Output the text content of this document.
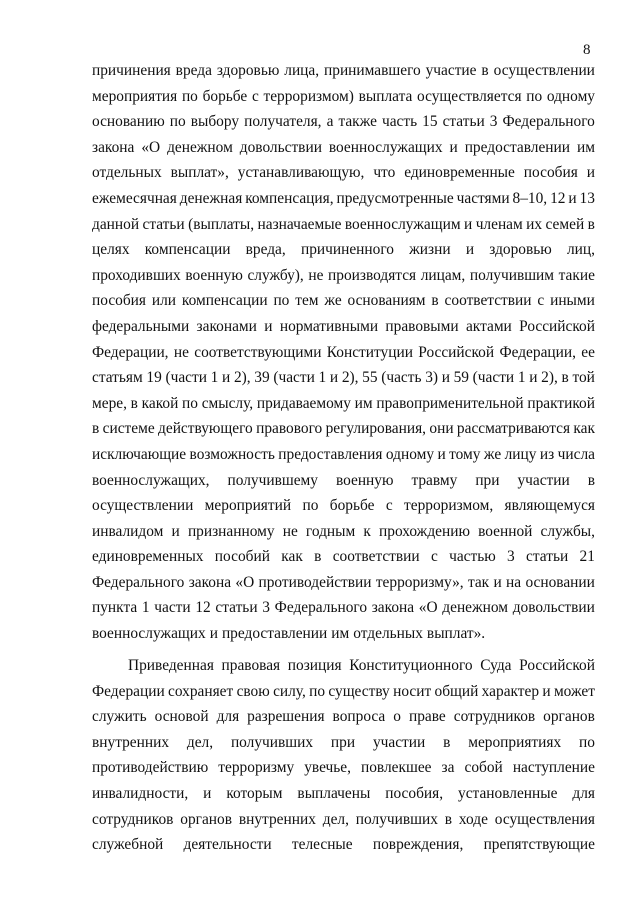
8
причинения вреда здоровью лица, принимавшего участие в осуществлении
мероприятия по борьбе с терроризмом) выплата осуществляется по одному
основанию по выбору получателя, а также часть 15 статьи 3 Федерального
закона «О денежном довольствии военнослужащих и предоставлении им
отдельных выплат», устанавливающую, что единовременные пособия и
ежемесячная денежная компенсация, предусмотренные частями 8–10, 12 и 13
данной статьи (выплаты, назначаемые военнослужащим и членам их семей в
целях компенсации вреда, причиненного жизни и здоровью лиц,
проходивших военную службу), не производятся лицам, получившим такие
пособия или компенсации по тем же основаниям в соответствии с иными
федеральными законами и нормативными правовыми актами Российской
Федерации, не соответствующими Конституции Российской Федерации, ее
статьям 19 (части 1 и 2), 39 (части 1 и 2), 55 (часть 3) и 59 (части 1 и 2), в той
мере, в какой по смыслу, придаваемому им правоприменительной практикой
в системе действующего правового регулирования, они рассматриваются как
исключающие возможность предоставления одному и тому же лицу из числа
военнослужащих, получившему военную травму при участии в
осуществлении мероприятий по борьбе с терроризмом, являющемуся
инвалидом и признанному не годным к прохождению военной службы,
единовременных пособий как в соответствии с частью 3 статьи 21
Федерального закона «О противодействии терроризму», так и на основании
пункта 1 части 12 статьи 3 Федерального закона «О денежном довольствии
военнослужащих и предоставлении им отдельных выплат».
Приведенная правовая позиция Конституционного Суда Российской
Федерации сохраняет свою силу, по существу носит общий характер и может
служить основой для разрешения вопроса о праве сотрудников органов
внутренних дел, получивших при участии в мероприятиях по
противодействию терроризму увечье, повлекшее за собой наступление
инвалидности, и которым выплачены пособия, установленные для
сотрудников органов внутренних дел, получивших в ходе осуществления
служебной деятельности телесные повреждения, препятствующие
